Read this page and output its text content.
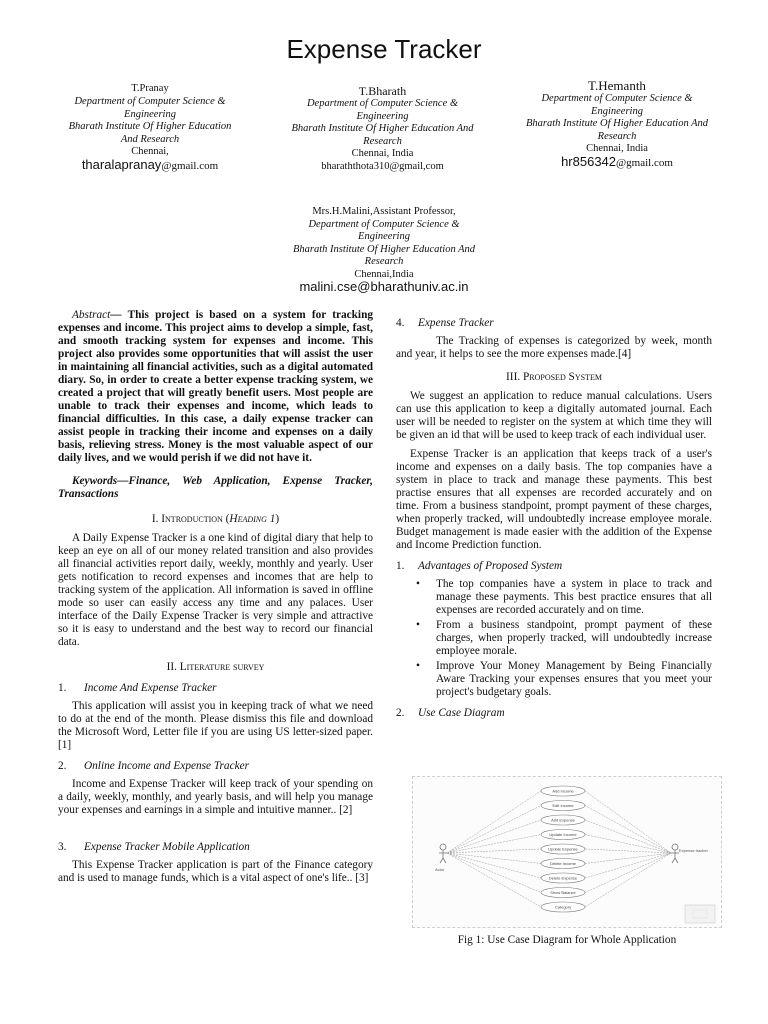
Expense Tracker
T.Pranay
Department of Computer Science & Engineering
Bharath Institute Of Higher Education And Research
Chennai,
tharalapranay@gmail.com
T.Bharath
Department of Computer Science & Engineering
Bharath Institute Of Higher Education And Research
Chennai, India
bharaththota310@gmail,com
T.Hemanth
Department of Computer Science & Engineering
Bharath Institute Of Higher Education And Research
Chennai, India
hr856342@gmail.com
Mrs.H.Malini,Assistant Professor,
Department of Computer Science & Engineering
Bharath Institute Of Higher Education And Research
Chennai,India
malini.cse@bharathuniv.ac.in

Abstract— This project is based on a system for tracking expenses and income. This project aims to develop a simple, fast, and smooth tracking system for expenses and income. This project also provides some opportunities that will assist the user in maintaining all financial activities, such as a digital automated diary. So, in order to create a better expense tracking system, we created a project that will greatly benefit users. Most people are unable to track their expenses and income, which leads to financial difficulties. In this case, a daily expense tracker can assist people in tracking their income and expenses on a daily basis, relieving stress. Money is the most valuable aspect of our daily lives, and we would perish if we did not have it.

Keywords—Finance, Web Application, Expense Tracker, Transactions

I. Introduction (Heading 1)

A Daily Expense Tracker is a one kind of digital diary that help to keep an eye on all of our money related transition and also provides all financial activities report daily, weekly, monthly and yearly. User gets notification to record expenses and incomes that are help to tracking system of the application. All information is saved in offline mode so user can easily access any time and any palaces. User interface of the Daily Expense Tracker is very simple and attractive so it is easy to understand and the best way to record our financial data.

II. Literature survey
1.	Income And Expense Tracker

This application will assist you in keeping track of what we need to do at the end of the month. Please dismiss this file and download the Microsoft Word, Letter file if you are using US letter-sized paper. [1]

2.	Online Income and Expense Tracker

Income and Expense Tracker will keep track of your spending on a daily, weekly, monthly, and yearly basis, and will help you manage your expenses and earnings in a simple and intuitive manner.. [2]

3.	Expense Tracker Mobile Application

This Expense Tracker application is part of the Finance category and is used to manage funds, which is a vital aspect of one's life.. [3]

4.	Expense Tracker

The Tracking of expenses is categorized by week, month and year, it helps to see the more expenses made.[4]

III. Proposed System

We suggest an application to reduce manual calculations. Users can use this application to keep a digitally automated journal. Each user will be needed to register on the system at which time they will be given an id that will be used to keep track of each individual user.

Expense Tracker is an application that keeps track of a user's income and expenses on a daily basis. The top companies have a system in place to track and manage these payments. This best practise ensures that all expenses are recorded accurately and on time. From a business standpoint, prompt payment of these charges, when properly tracked, will undoubtedly increase employee morale. Budget management is made easier with the addition of the Expense and Income Prediction function.

1.	Advantages of Proposed System
•	The top companies have a system in place to track and manage these payments. This best practice ensures that all expenses are recorded accurately and on time.
•	From a business standpoint, prompt payment of these charges, when properly tracked, will undoubtedly increase employee morale.
•	Improve Your Money Management by Being Financially Aware Tracking your expenses ensures that you meet your project's budgetary goals.
2.	Use Case Diagram
Actor
Expense tracker
Add Income
Edit Income
Add Expense
Update Income
Update Expense
Delete Income
Delete Expense
Show Balance
Category
Fig 1: Use Case Diagram for Whole Application
